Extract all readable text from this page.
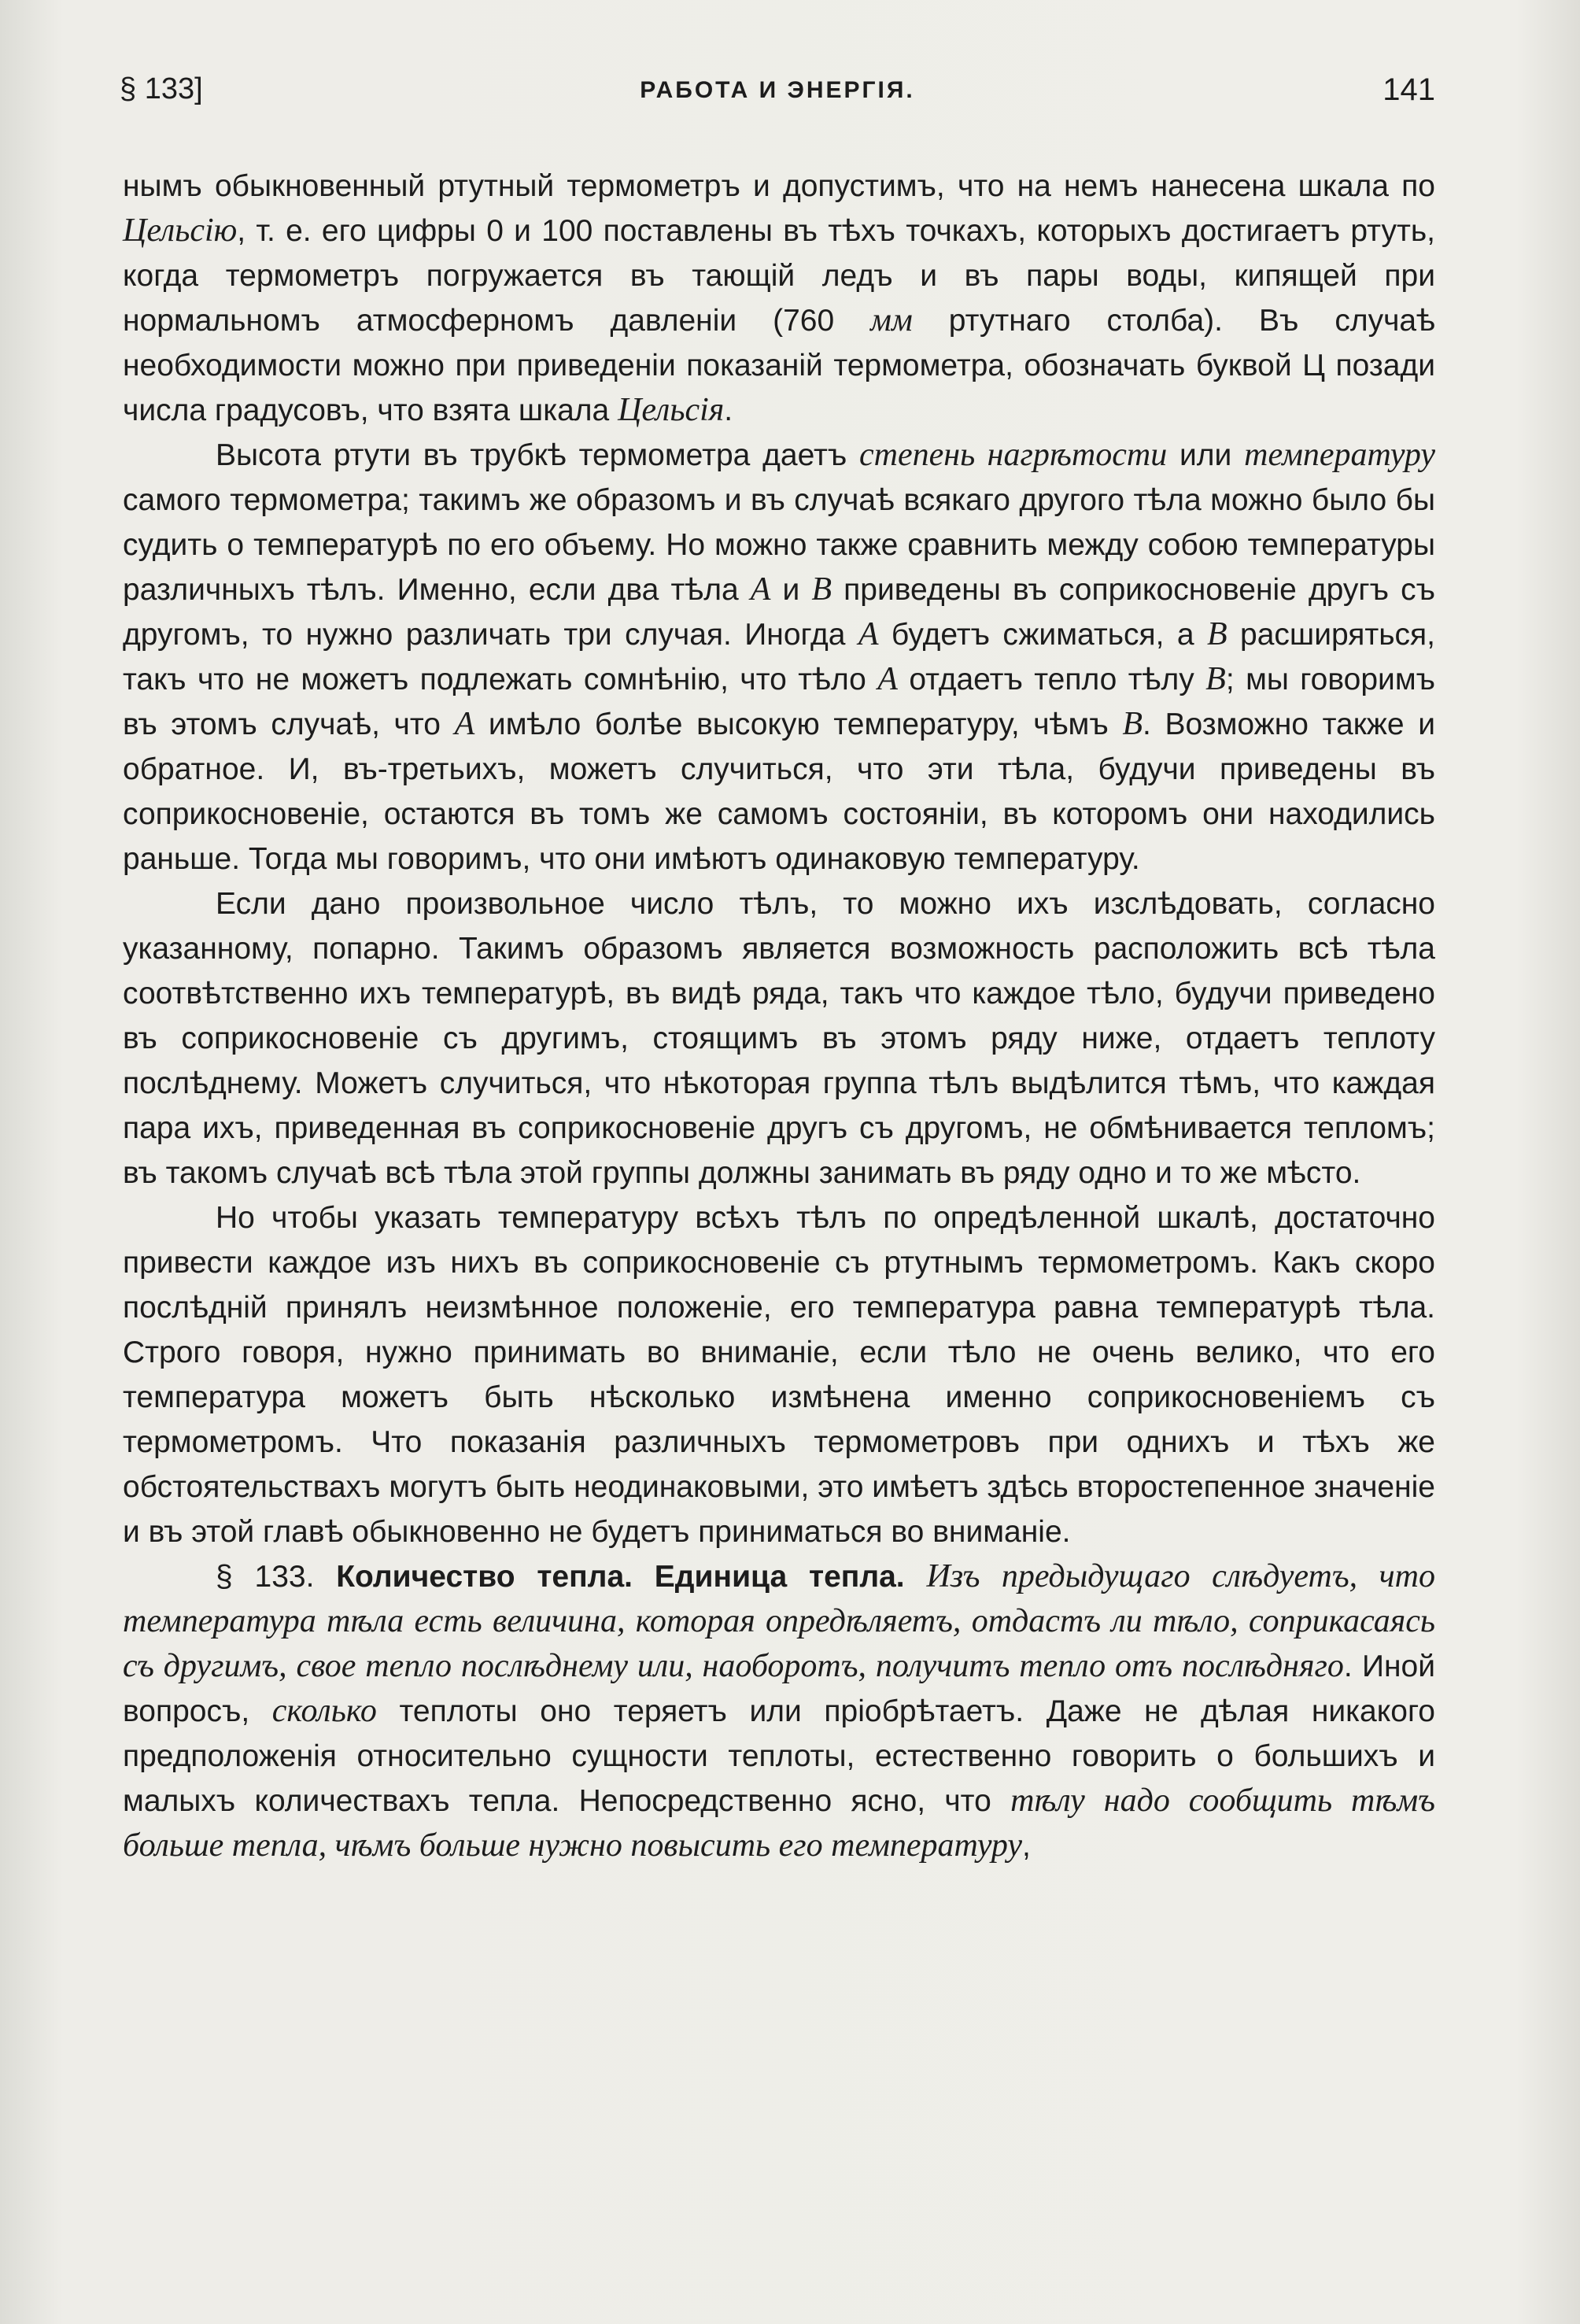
§ 133]	РАБОТА И ЭНЕРГІЯ.	141

нымъ обыкновенный ртутный термометръ и допустимъ, что на немъ нанесена шкала по Цельсію, т. е. его цифры 0 и 100 поставлены въ тѣхъ точкахъ, которыхъ достигаетъ ртуть, когда термометръ погружается въ тающій ледъ и въ пары воды, кипящей при нормальномъ атмосферномъ давленіи (760 мм ртутнаго столба). Въ случаѣ необходимости можно при приведеніи показаній термометра, обозначать буквой Ц позади числа градусовъ, что взята шкала Цельсія.

Высота ртути въ трубкѣ термометра даетъ степень нагрѣтости или температуру самого термометра; такимъ же образомъ и въ случаѣ всякаго другого тѣла можно было бы судить о температурѣ по его объему. Но можно также сравнить между собою температуры различныхъ тѣлъ. Именно, если два тѣла A и B приведены въ соприкосновеніе другъ съ другомъ, то нужно различать три случая. Иногда A будетъ сжиматься, а B расширяться, такъ что не можетъ подлежать сомнѣнію, что тѣло A отдаетъ тепло тѣлу B; мы говоримъ въ этомъ случаѣ, что A имѣло болѣе высокую температуру, чѣмъ B. Возможно также и обратное. И, въ-третьихъ, можетъ случиться, что эти тѣла, будучи приведены въ соприкосновеніе, остаются въ томъ же самомъ состояніи, въ которомъ они находились раньше. Тогда мы говоримъ, что они имѣютъ одинаковую температуру.

Если дано произвольное число тѣлъ, то можно ихъ изслѣдовать, согласно указанному, попарно. Такимъ образомъ является возможность расположить всѣ тѣла соотвѣтственно ихъ температурѣ, въ видѣ ряда, такъ что каждое тѣло, будучи приведено въ соприкосновеніе съ другимъ, стоящимъ въ этомъ ряду ниже, отдаетъ теплоту послѣднему. Можетъ случиться, что нѣкоторая группа тѣлъ выдѣлится тѣмъ, что каждая пара ихъ, приведенная въ соприкосновеніе другъ съ другомъ, не обмѣнивается тепломъ; въ такомъ случаѣ всѣ тѣла этой группы должны занимать въ ряду одно и то же мѣсто.

Но чтобы указать температуру всѣхъ тѣлъ по опредѣленной шкалѣ, достаточно привести каждое изъ нихъ въ соприкосновеніе съ ртутнымъ термометромъ. Какъ скоро послѣдній принялъ неизмѣнное положеніе, его температура равна температурѣ тѣла. Строго говоря, нужно принимать во вниманіе, если тѣло не очень велико, что его температура можетъ быть нѣсколько измѣнена именно соприкосновеніемъ съ термометромъ. Что показанія различныхъ термометровъ при однихъ и тѣхъ же обстоятельствахъ могутъ быть неодинаковыми, это имѣетъ здѣсь второстепенное значеніе и въ этой главѣ обыкновенно не будетъ приниматься во вниманіе.

§ 133. Количество тепла. Единица тепла. Изъ предыдущаго слѣдуетъ, что температура тѣла есть величина, которая опредѣляетъ, отдастъ ли тѣло, соприкасаясь съ другимъ, свое тепло послѣднему или, наоборотъ, получитъ тепло отъ послѣдняго. Иной вопросъ, сколько теплоты оно теряетъ или пріобрѣтаетъ. Даже не дѣлая никакого предположенія относительно сущности теплоты, естественно говорить о большихъ и малыхъ количествахъ тепла. Непосредственно ясно, что тѣлу надо сообщить тѣмъ больше тепла, чѣмъ больше нужно повысить его температуру,
